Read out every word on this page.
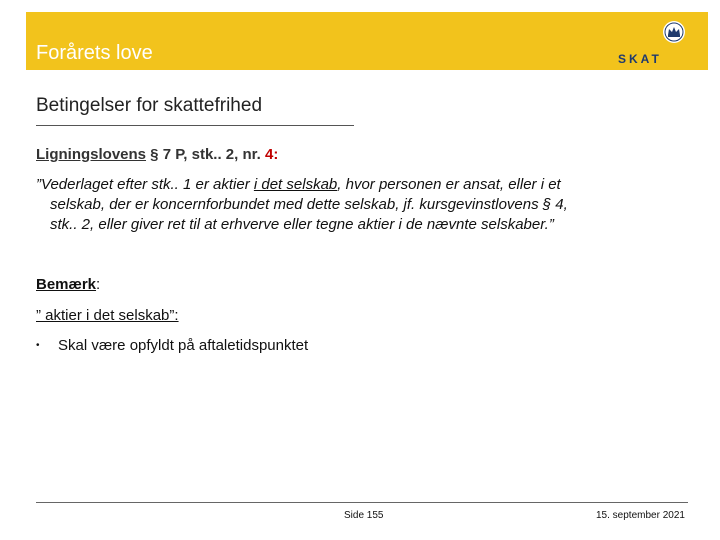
Forårets love	SKAT
Betingelser for skattefrihed
Ligningslovens § 7 P, stk.. 2, nr. 4:
”Vederlaget efter stk.. 1 er aktier i det selskab, hvor personen er ansat, eller i et
selskab, der er koncernforbundet med dette selskab, jf. kursgevinstlovens § 4,
stk.. 2, eller giver ret til at erhverve eller tegne aktier i de nævnte selskaber.”
Bemærk:
” aktier i det selskab”:
• Skal være opfyldt på aftaletidspunktet
Side 155	15. september 2021
